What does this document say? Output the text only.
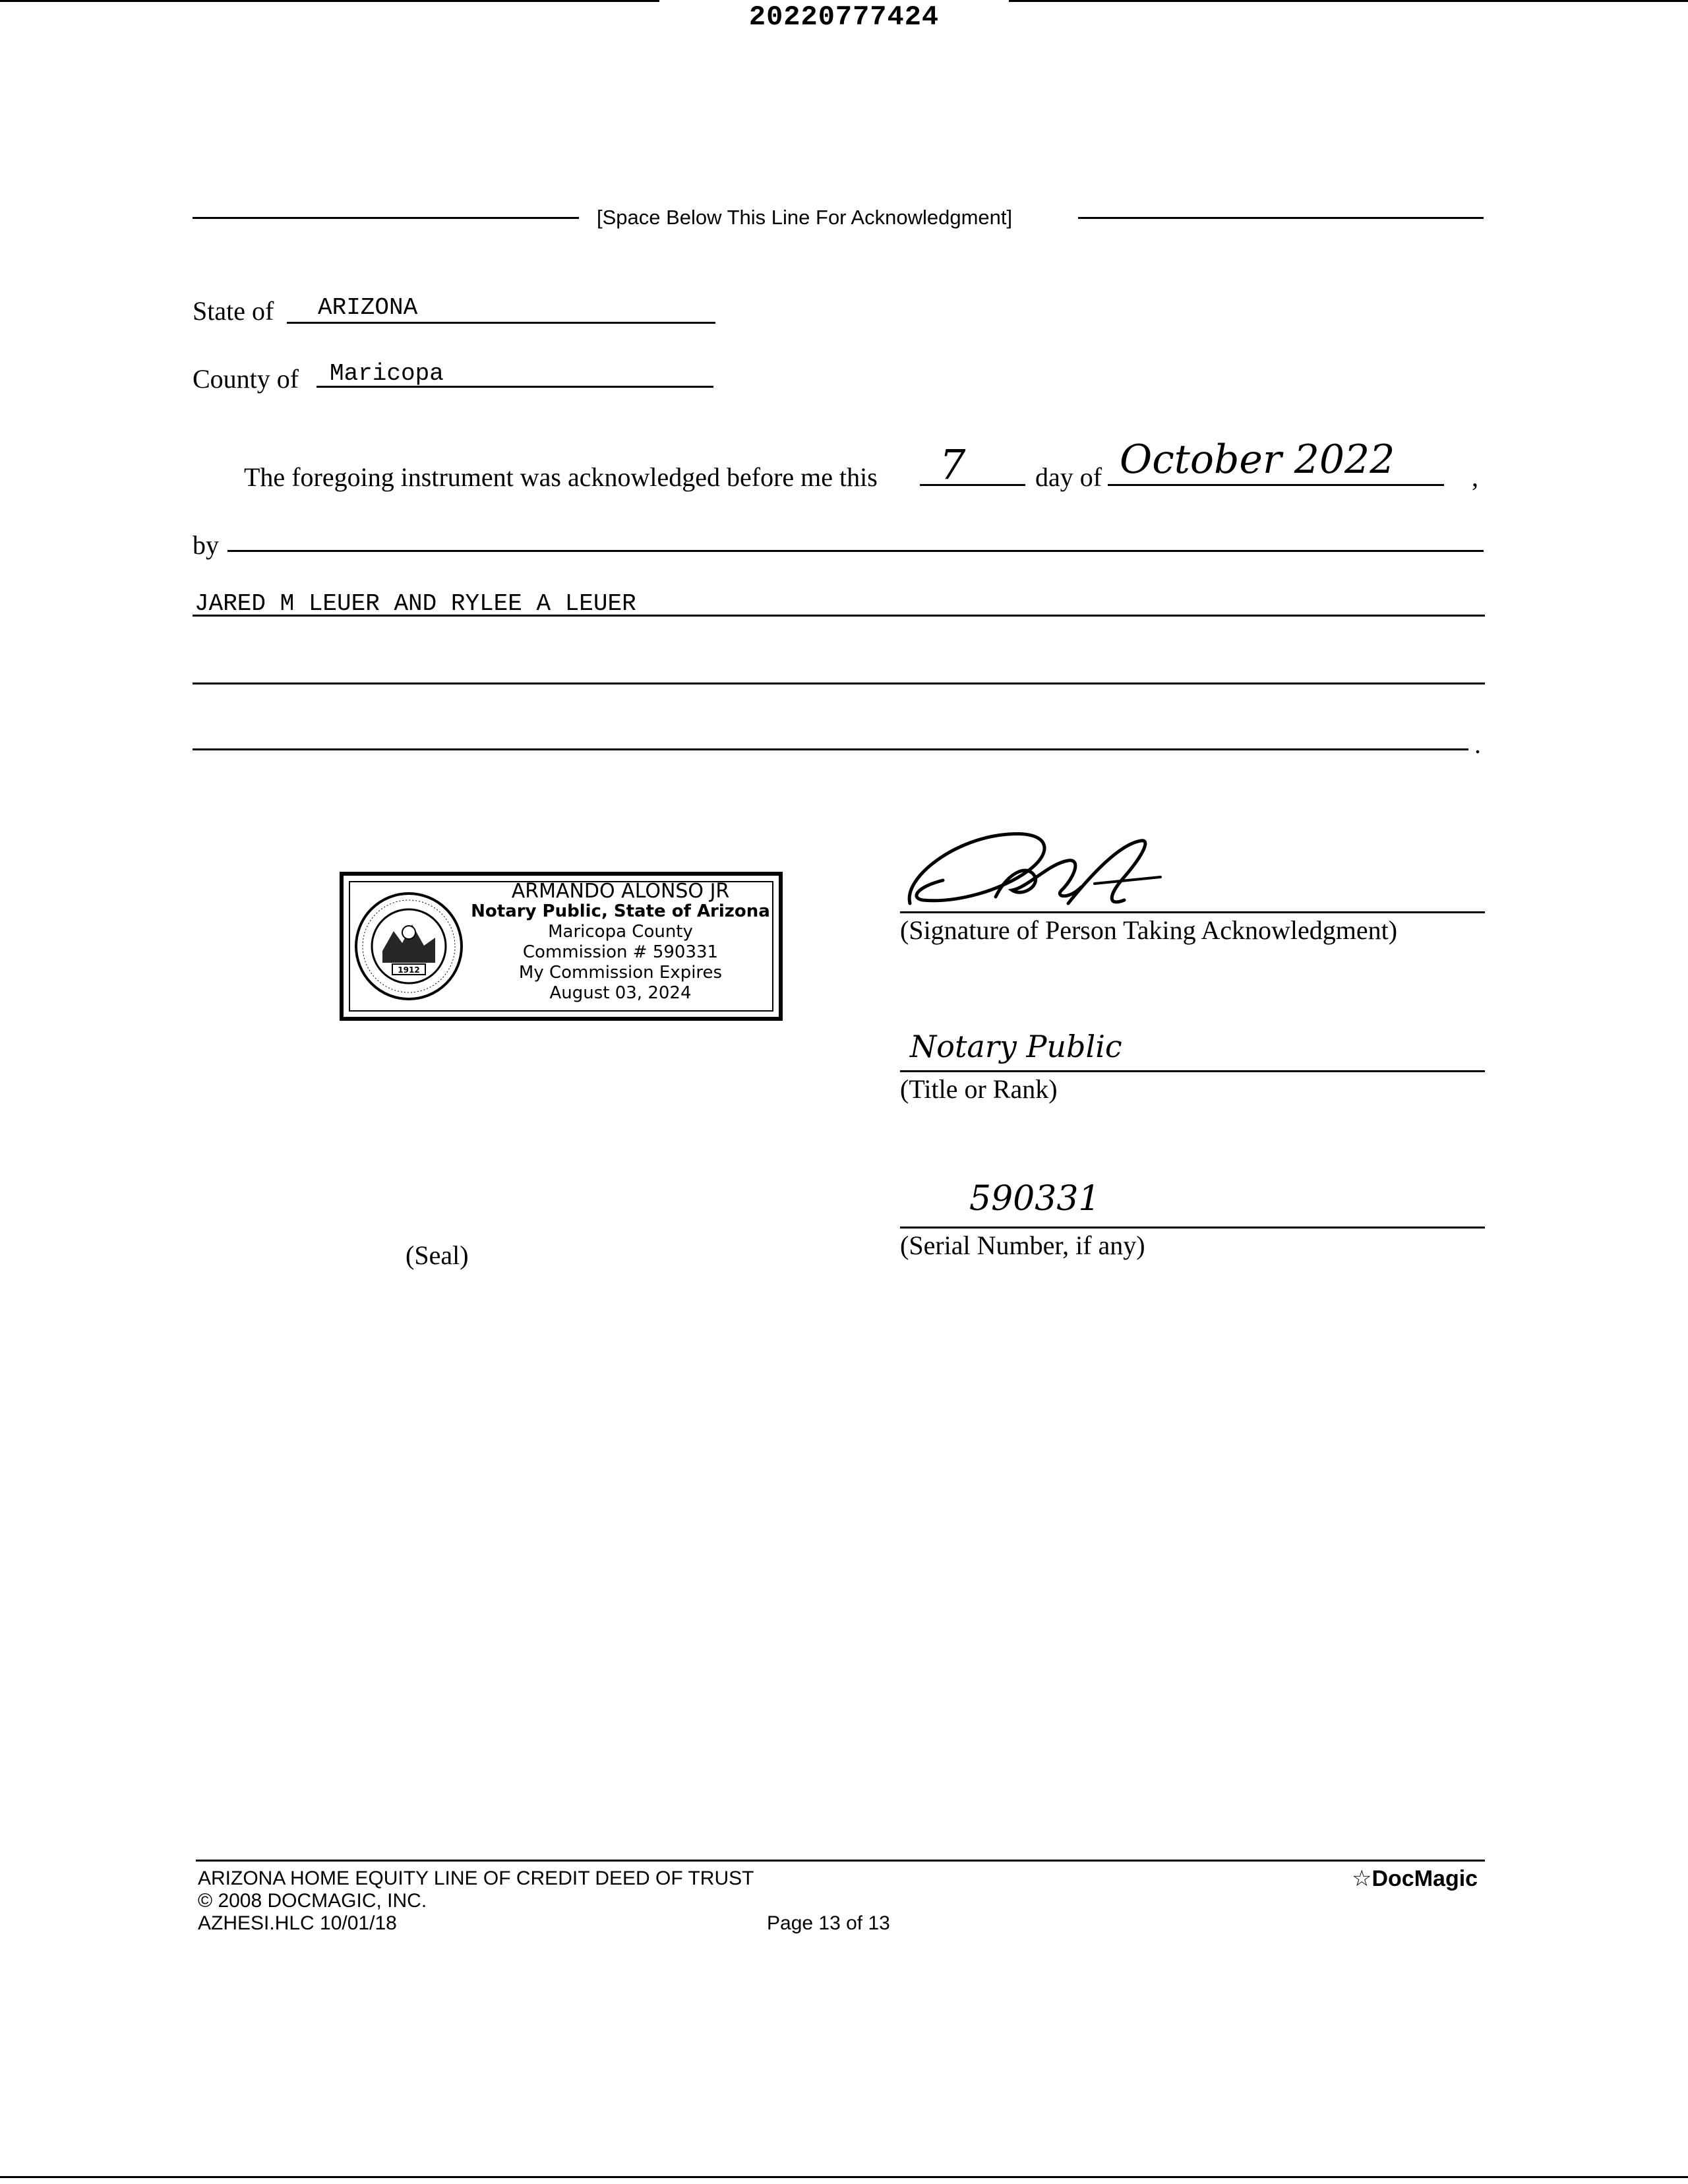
20220777424
[Space Below This Line For Acknowledgment]
State of ARIZONA
County of Maricopa
The foregoing instrument was acknowledged before me this 7	day of October 2022	,
by
JARED M LEUER AND RYLEE A LEUER
.
1912
ARMANDO ALONSO JR
Notary Public, State of Arizona
Maricopa County
Commission # 590331
My Commission Expires
August 03, 2024
(Signature of Person Taking Acknowledgment)
Notary Public
(Title or Rank)
590331
(Serial Number, if any)
(Seal)
ARIZONA HOME EQUITY LINE OF CREDIT DEED OF TRUST
© 2008 DOCMAGIC, INC.
AZHESI.HLC 10/01/18	Page 13 of 13
☆DocMagic
